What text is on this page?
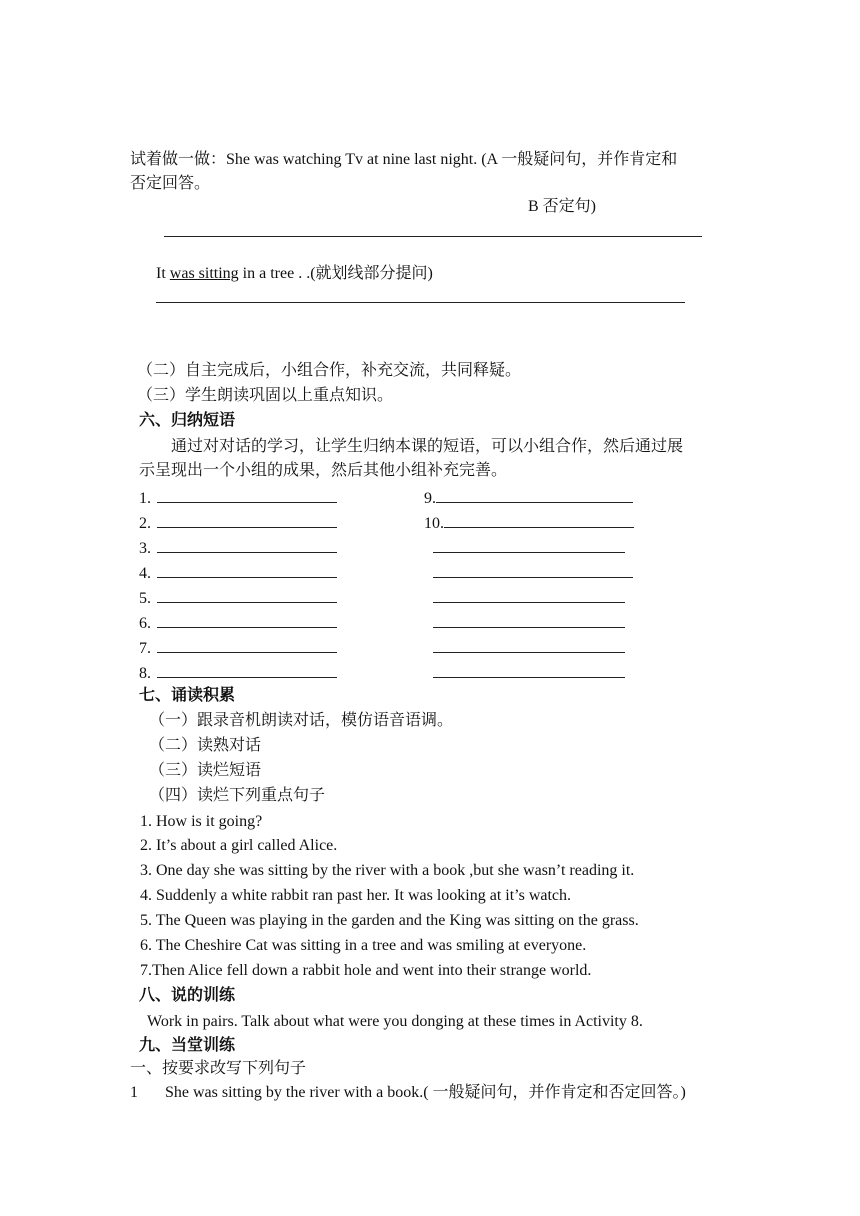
试着做一做：She was watching Tv at nine last night. (A 一般疑问句，并作肯定和
否定回答。
B 否定句)
It was sitting in a tree . .(就划线部分提问)
（二）自主完成后，小组合作，补充交流，共同释疑。
（三）学生朗读巩固以上重点知识。
六、归纳短语
通过对对话的学习，让学生归纳本课的短语，可以小组合作，然后通过展
示呈现出一个小组的成果，然后其他小组补充完善。
1.	9.
2.	10.
3.
4.
5.
6.
7.
8.
七、诵读积累
（一）跟录音机朗读对话，模仿语音语调。
（二）读熟对话
（三）读烂短语
（四）读烂下列重点句子
1. How is it going?
2. It’s about a girl called Alice.
3. One day she was sitting by the river with a book ,but she wasn’t reading it.
4. Suddenly a white rabbit ran past her. It was looking at it’s watch.
5. The Queen was playing in the garden and the King was sitting on the grass.
6. The Cheshire Cat was sitting in a tree and was smiling at everyone.
7.Then Alice fell down a rabbit hole and went into their strange world.
八、说的训练
Work in pairs. Talk about what were you donging at these times in Activity 8.
九、当堂训练
一、按要求改写下列句子
1 She was sitting by the river with a book.( 一般疑问句，并作肯定和否定回答。)
